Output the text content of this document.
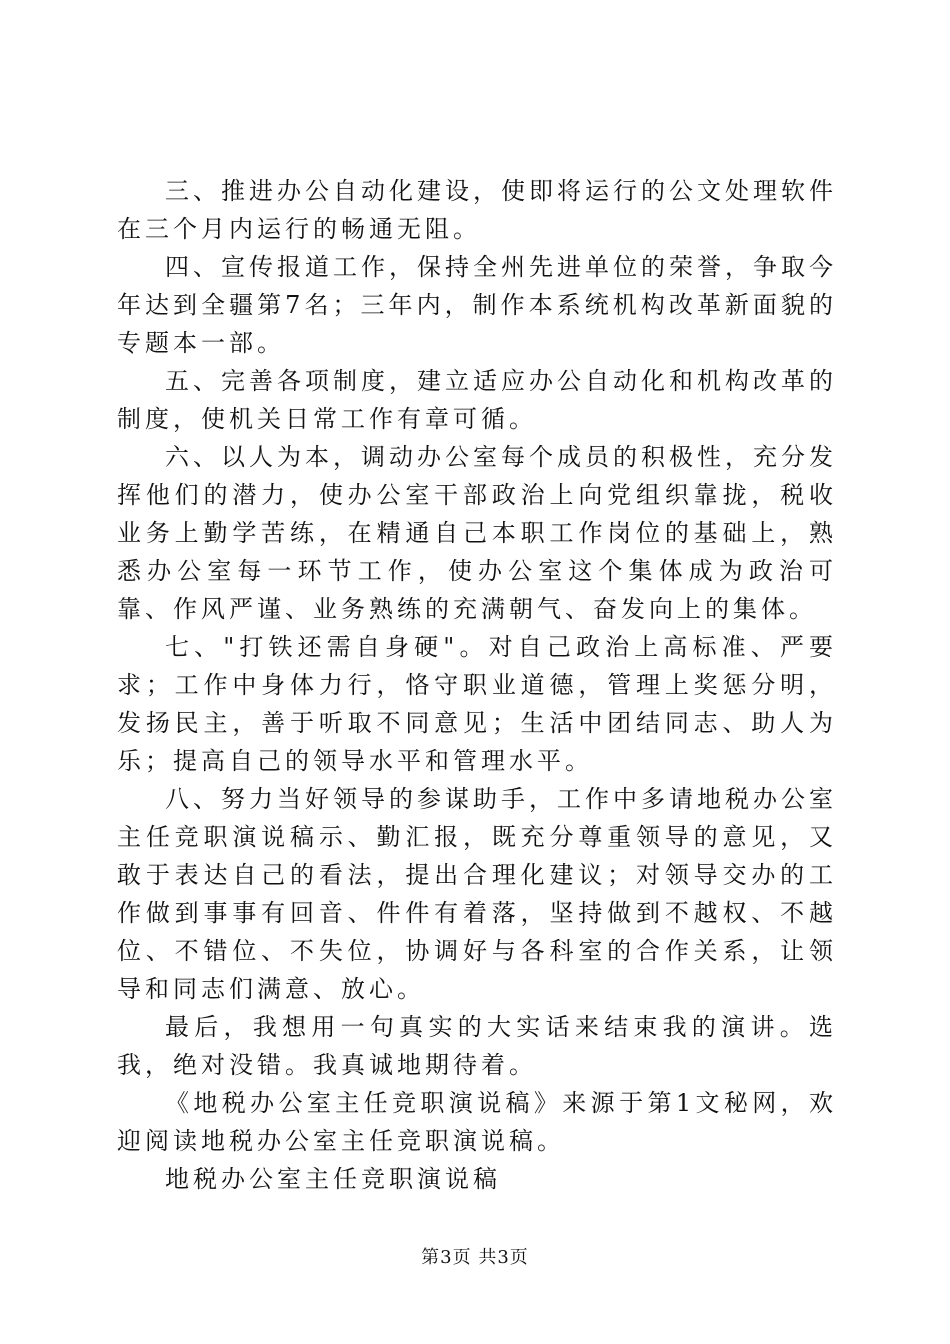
三、推进办公自动化建设，使即将运行的公文处理软件在三个月内运行的畅通无阻。

四、宣传报道工作，保持全州先进单位的荣誉，争取今年达到全疆第7名；三年内，制作本系统机构改革新面貌的专题本一部。

五、完善各项制度，建立适应办公自动化和机构改革的制度，使机关日常工作有章可循。

六、以人为本，调动办公室每个成员的积极性，充分发挥他们的潜力，使办公室干部政治上向党组织靠拢，税收业务上勤学苦练，在精通自己本职工作岗位的基础上，熟悉办公室每一环节工作，使办公室这个集体成为政治可靠、作风严谨、业务熟练的充满朝气、奋发向上的集体。

七、"打铁还需自身硬"。对自己政治上高标准、严要求；工作中身体力行，恪守职业道德，管理上奖惩分明，发扬民主，善于听取不同意见；生活中团结同志、助人为乐；提高自己的领导水平和管理水平。

八、努力当好领导的参谋助手，工作中多请地税办公室主任竞职演说稿示、勤汇报，既充分尊重领导的意见，又敢于表达自己的看法，提出合理化建议；对领导交办的工作做到事事有回音、件件有着落，坚持做到不越权、不越位、不错位、不失位，协调好与各科室的合作关系，让领导和同志们满意、放心。

最后，我想用一句真实的大实话来结束我的演讲。选我，绝对没错。我真诚地期待着。

《地税办公室主任竞职演说稿》来源于第1文秘网，欢迎阅读地税办公室主任竞职演说稿。

地税办公室主任竞职演说稿

第3页 共3页
